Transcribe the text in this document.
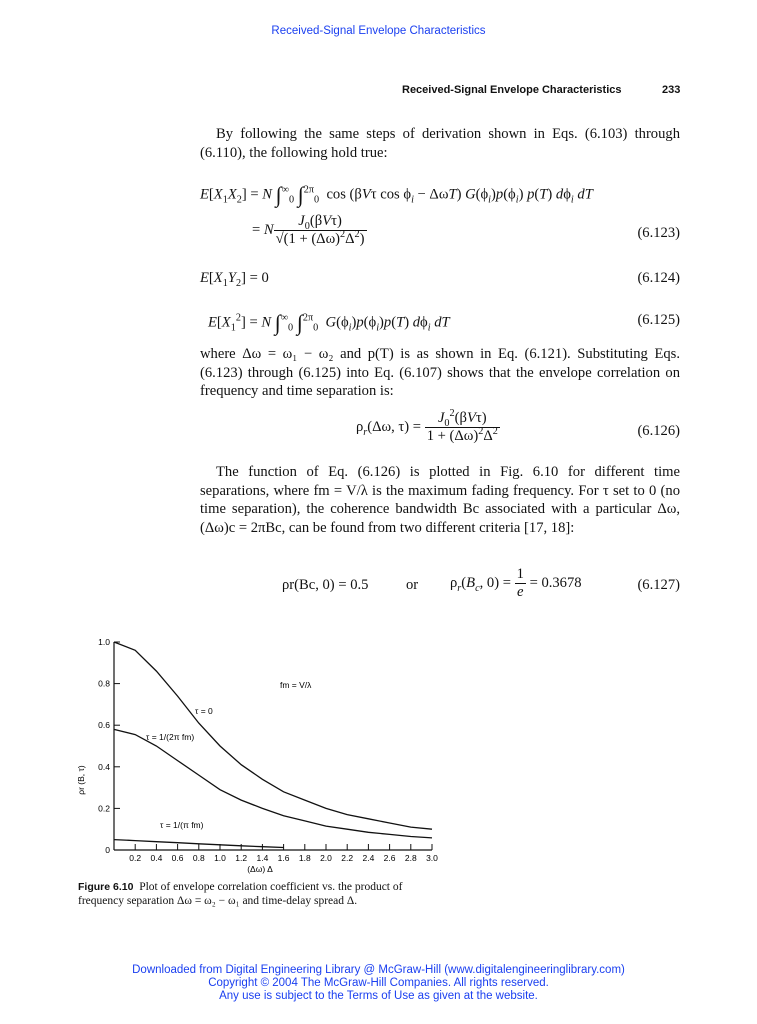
Received-Signal Envelope Characteristics
Received-Signal Envelope Characteristics	233

By following the same steps of derivation shown in Eqs. (6.103) through (6.110), the following hold true:

$E[X_1X_2] = N$ $\int^\infty_0$ ∫$^{2\pi}_0$  cos (βVτ $\cos \phi_i - \Delta\omega T$) $G(\phi_i)p(\phi_i)$ p(T) $d\phi_i$ dT
= N $\frac{J_0(\beta V\tau)}{√(1 + (\Delta\omega)^2\Delta^2)}$	(6.123)
$E[X_1Y_2] = 0$	(6.124)
$E[X_1^2] = N$ $\int^\infty_0$ ∫$^{2\pi}_0$ $G(\phi_i)p(\phi_i)p(T)$ $d\phi_i$ dT	(6.125)

where Δω = ω₁ − ω₂ and p(T) is as shown in Eq. (6.121). Substituting Eqs. (6.123) through (6.125) into Eq. (6.107) shows that the envelope correlation on frequency and time separation is:

$\rho_r(\Delta\omega$, $\tau) = \frac{J_0^2(\beta V\tau)}{1 + (\Delta\omega)^2\Delta^2}$	(6.126)

The function of Eq. (6.126) is plotted in Fig. 6.10 for different time separations, where fm = V/λ is the maximum fading frequency. For τ set to 0 (no time separation), the coherence bandwidth Bc associated with a particular Δω, (Δω)c = 2πBc, can be found from two different criteria [17, 18]:

ρr(Bc, 0) = 0.5	or $\rho_r(B_c$, $0) = \frac{1}{e} = 0.3678$	(6.127)
0
0.2
0.4
0.6
0.8
1.0
0.2 0.4 0.6 0.8 1.0 1.2 1.4 1.6 1.8 2.0 2.2 2.4 2.6 2.8 3.0
ρr (B, τ)
(Δω) Δ
fm = V/λ
τ = 0
τ = 1/(2π fm)
τ = 1/(π fm)
Figure 6.10 Plot of envelope correlation coefficient vs. the product of frequency separation Δω = ω₂ − ω₁ and time-delay spread Δ.
Downloaded from Digital Engineering Library @ McGraw-Hill (www.digitalengineeringlibrary.com)
Copyright © 2004 The McGraw-Hill Companies. All rights reserved.
Any use is subject to the Terms of Use as given at the website.
